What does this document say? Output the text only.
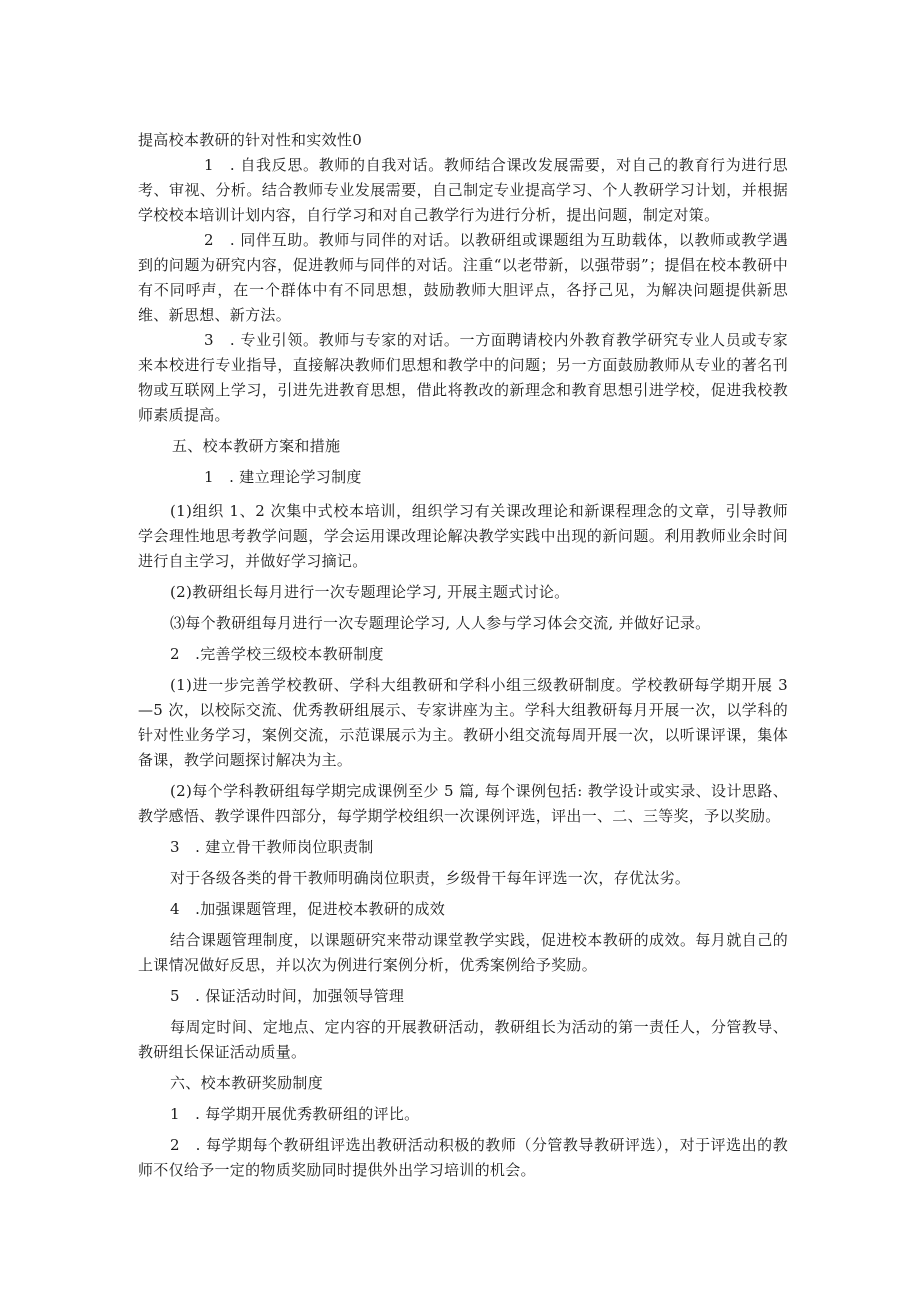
提高校本教研的针对性和实效性0

1　. 自我反思。教师的自我对话。教师结合课改发展需要，对自己的教育行为进行思考、审视、分析。结合教师专业发展需要，自己制定专业提高学习、个人教研学习计划，并根据学校校本培训计划内容，自行学习和对自己教学行为进行分析，提出问题，制定对策。

2　. 同伴互助。教师与同伴的对话。以教研组或课题组为互助载体，以教师或教学遇到的问题为研究内容，促进教师与同伴的对话。注重“以老带新，以强带弱”；提倡在校本教研中有不同呼声，在一个群体中有不同思想，鼓励教师大胆评点，各抒己见，为解决问题提供新思维、新思想、新方法。

3　. 专业引领。教师与专家的对话。一方面聘请校内外教育教学研究专业人员或专家来本校进行专业指导，直接解决教师们思想和教学中的问题；另一方面鼓励教师从专业的著名刊物或互联网上学习，引进先进教育思想，借此将教改的新理念和教育思想引进学校，促进我校教师素质提高。

五、校本教研方案和措施

1　. 建立理论学习制度

(1)组织 1、2 次集中式校本培训，组织学习有关课改理论和新课程理念的文章，引导教师学会理性地思考教学问题，学会运用课改理论解决教学实践中出现的新问题。利用教师业余时间进行自主学习，并做好学习摘记。

(2)教研组长每月进行一次专题理论学习, 开展主题式讨论。

⑶每个教研组每月进行一次专题理论学习, 人人参与学习体会交流, 并做好记录。

2　.完善学校三级校本教研制度

(1)进一步完善学校教研、学科大组教研和学科小组三级教研制度。学校教研每学期开展 3—5 次，以校际交流、优秀教研组展示、专家讲座为主。学科大组教研每月开展一次，以学科的针对性业务学习，案例交流，示范课展示为主。教研小组交流每周开展一次，以听课评课，集体备课，教学问题探讨解决为主。

(2)每个学科教研组每学期完成课例至少 5 篇, 每个课例包括: 教学设计或实录、设计思路、教学感悟、教学课件四部分，每学期学校组织一次课例评选，评出一、二、三等奖，予以奖励。

3　. 建立骨干教师岗位职责制

对于各级各类的骨干教师明确岗位职责，乡级骨干每年评选一次，存优汰劣。

4　.加强课题管理，促进校本教研的成效

结合课题管理制度，以课题研究来带动课堂教学实践，促进校本教研的成效。每月就自己的上课情况做好反思，并以次为例进行案例分析，优秀案例给予奖励。

5　. 保证活动时间，加强领导管理

每周定时间、定地点、定内容的开展教研活动，教研组长为活动的第一责任人，分管教导、教研组长保证活动质量。

六、校本教研奖励制度

1　. 每学期开展优秀教研组的评比。

2　. 每学期每个教研组评选出教研活动积极的教师（分管教导教研评选），对于评选出的教师不仅给予一定的物质奖励同时提供外出学习培训的机会。
